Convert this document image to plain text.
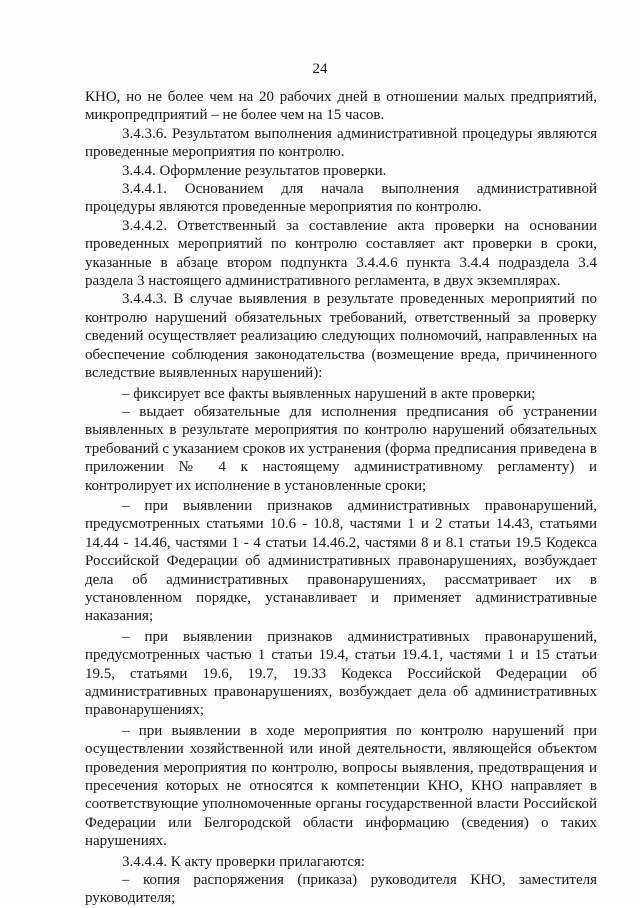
24

КНО, но не более чем на 20 рабочих дней в отношении малых предприятий, микропредприятий – не более чем на 15 часов.

3.4.3.6. Результатом выполнения административной процедуры являются проведенные мероприятия по контролю.

3.4.4. Оформление результатов проверки.

3.4.4.1. Основанием для начала выполнения административной процедуры являются проведенные мероприятия по контролю.

3.4.4.2. Ответственный за составление акта проверки на основании проведенных мероприятий по контролю составляет акт проверки в сроки, указанные в абзаце втором подпункта 3.4.4.6 пункта 3.4.4 подраздела 3.4 раздела 3 настоящего административного регламента, в двух экземплярах.

3.4.4.3. В случае выявления в результате проведенных мероприятий по контролю нарушений обязательных требований, ответственный за проверку сведений осуществляет реализацию следующих полномочий, направленных на обеспечение соблюдения законодательства (возмещение вреда, причиненного вследствие выявленных нарушений):

– фиксирует все факты выявленных нарушений в акте проверки;

– выдает обязательные для исполнения предписания об устранении выявленных в результате мероприятия по контролю нарушений обязательных требований с указанием сроков их устранения (форма предписания приведена в приложении № 4 к настоящему административному регламенту) и контролирует их исполнение в установленные сроки;

– при выявлении признаков административных правонарушений, предусмотренных статьями 10.6 - 10.8, частями 1 и 2 статьи 14.43, статьями 14.44 - 14.46, частями 1 - 4 статьи 14.46.2, частями 8 и 8.1 статьи 19.5 Кодекса Российской Федерации об административных правонарушениях, возбуждает дела об административных правонарушениях, рассматривает их в установленном порядке, устанавливает и применяет административные наказания;

– при выявлении признаков административных правонарушений, предусмотренных частью 1 статьи 19.4, статьи 19.4.1, частями 1 и 15 статьи 19.5, статьями 19.6, 19.7, 19.33 Кодекса Российской Федерации об административных правонарушениях, возбуждает дела об административных правонарушениях;

– при выявлении в ходе мероприятия по контролю нарушений при осуществлении хозяйственной или иной деятельности, являющейся объектом проведения мероприятия по контролю, вопросы выявления, предотвращения и пресечения которых не относятся к компетенции КНО, КНО направляет в соответствующие уполномоченные органы государственной власти Российской Федерации или Белгородской области информацию (сведения) о таких нарушениях.

3.4.4.4. К акту проверки прилагаются:

– копия распоряжения (приказа) руководителя КНО, заместителя руководителя;
